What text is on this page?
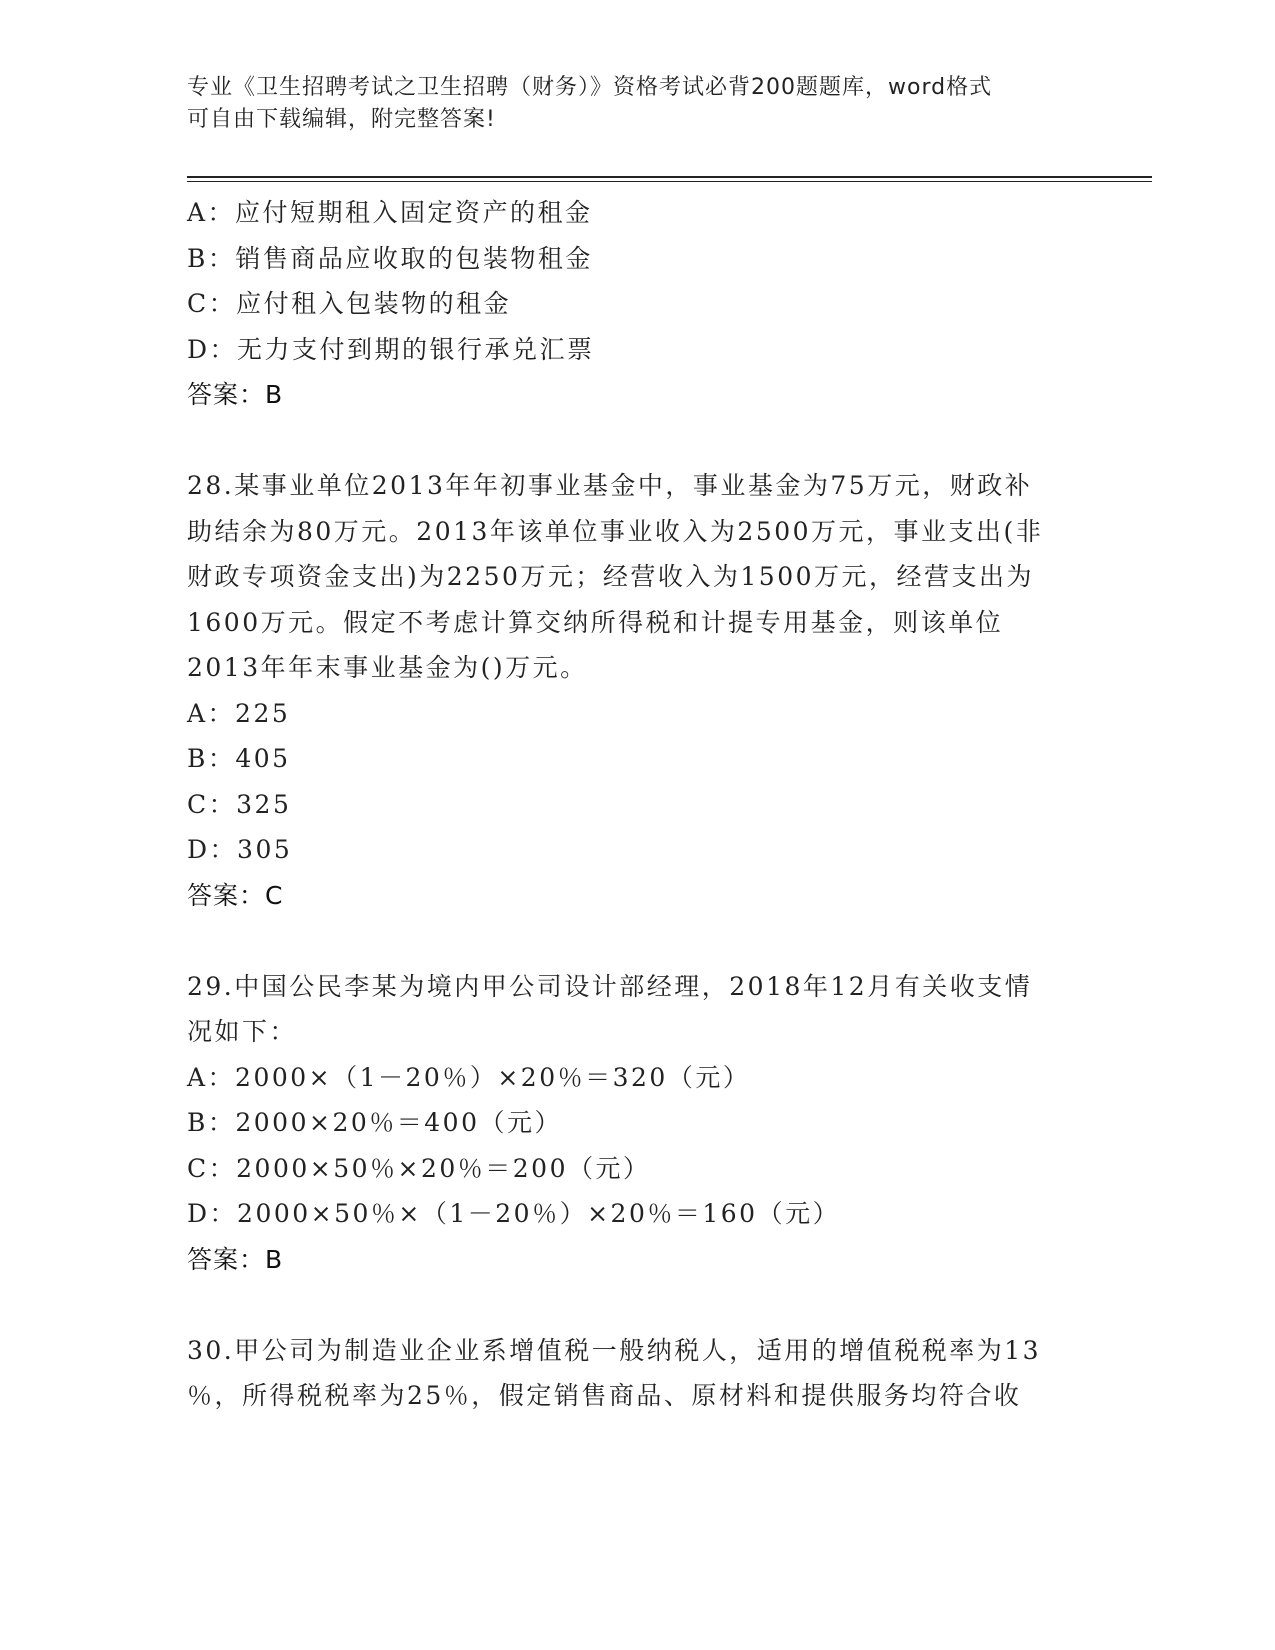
专业《卫生招聘考试之卫生招聘（财务）》资格考试必背200题题库，word格式

可自由下载编辑，附完整答案!

A：应付短期租入固定资产的租金

B：销售商品应收取的包装物租金

C：应付租入包装物的租金

D：无力支付到期的银行承兑汇票

答案：B

28.某事业单位2013年年初事业基金中，事业基金为75万元，财政补

助结余为80万元。2013年该单位事业收入为2500万元，事业支出(非

财政专项资金支出)为2250万元；经营收入为1500万元，经营支出为

1600万元。假定不考虑计算交纳所得税和计提专用基金，则该单位

2013年年末事业基金为()万元。

A：225

B：405

C：325

D：305

答案：C

29.中国公民李某为境内甲公司设计部经理，2018年12月有关收支情

况如下：

A：2000×（1－20％）×20％＝320（元）

B：2000×20％＝400（元）

C：2000×50％×20％＝200（元）

D：2000×50％×（1－20％）×20％＝160（元）

答案：B

30.甲公司为制造业企业系增值税一般纳税人，适用的增值税税率为13

％，所得税税率为25％，假定销售商品、原材料和提供服务均符合收
